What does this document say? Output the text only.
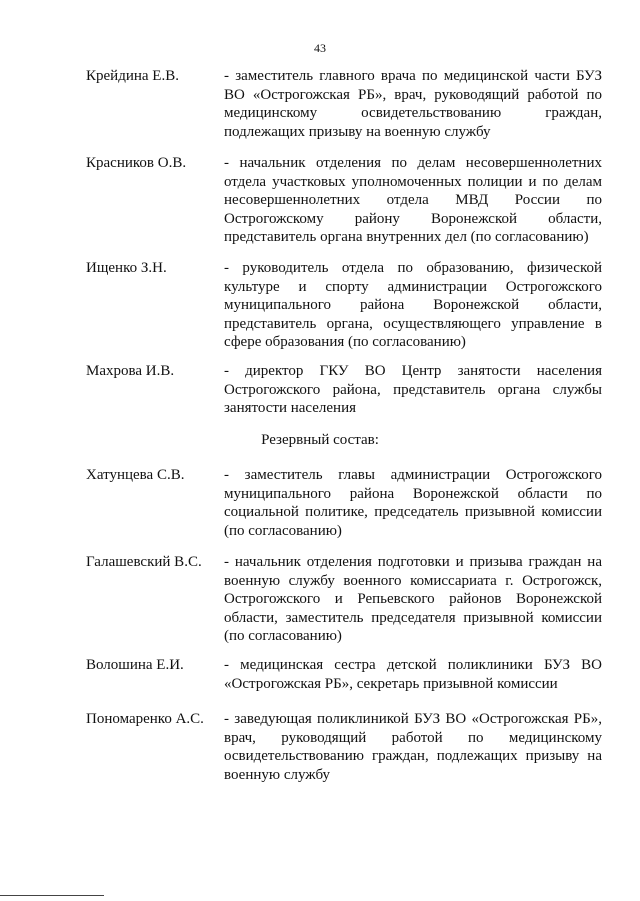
43
Крейдина Е.В.	- заместитель главного врача по медицинской части БУЗ ВО «Острогожская РБ», врач, руководящий работой по медицинскому освидетельствованию граждан, подлежащих призыву на военную службу
Красников О.В.	- начальник отделения по делам несовершеннолетних отдела участковых уполномоченных полиции и по делам несовершеннолетних отдела МВД России по Острогожскому району Воронежской области, представитель органа внутренних дел (по согласованию)
Ищенко З.Н.	- руководитель отдела по образованию, физической культуре и спорту администрации Острогожского муниципального района Воронежской области, представитель органа, осуществляющего управление в сфере образования (по согласованию)
Махрова И.В.	- директор ГКУ ВО Центр занятости населения Острогожского района, представитель органа службы занятости населения
Резервный состав:
Хатунцева С.В.	- заместитель главы администрации Острогожского муниципального района Воронежской области по социальной политике, председатель призывной комиссии (по согласованию)
Галашевский В.С.	- начальник отделения подготовки и призыва граждан на военную службу военного комиссариата г. Острогожск, Острогожского и Репьевского районов Воронежской области, заместитель председателя призывной комиссии (по согласованию)
Волошина Е.И.	- медицинская сестра детской поликлиники БУЗ ВО «Острогожская РБ», секретарь призывной комиссии
Пономаренко А.С.	- заведующая поликлиникой БУЗ ВО «Острогожская РБ», врач, руководящий работой по медицинскому освидетельствованию граждан, подлежащих призыву на военную службу
